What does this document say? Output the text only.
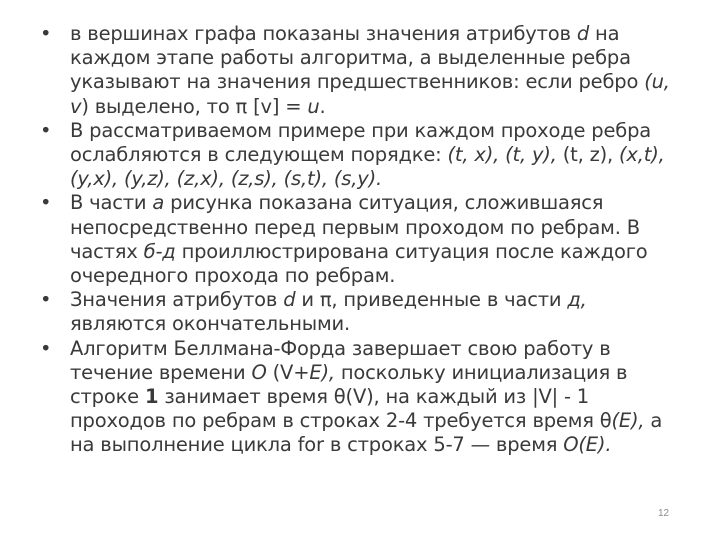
• в вершинах графа показаны значения атрибутов d на каждом этапе работы алгоритма, а выделенные ребра указывают на значения предшественников: если ребро (u, v) выделено, то π [v] = u.
• В рассматриваемом примере при каждом проходе ребра ослабляются в следующем порядке: (t, x), (t, y), (t, z), (x,t), (y,x), (y,z), (z,x), (z,s), (s,t), (s,y).
• В части а рисунка показана ситуация, сложившаяся непосредственно перед первым проходом по ребрам. В частях б-д проиллюстрирована ситуация после каждого очередного прохода по ребрам.
• Значения атрибутов d и π, приведенные в части д, являются окончательными.
• Алгоритм Беллмана-Форда завершает свою работу в течение времени O (V+E), поскольку инициализация в строке 1 занимает время θ(V), на каждый из |V| - 1 проходов по ребрам в строках 2-4 требуется время θ(E), а на выполнение цикла for в строках 5-7 — время O(E).
12
